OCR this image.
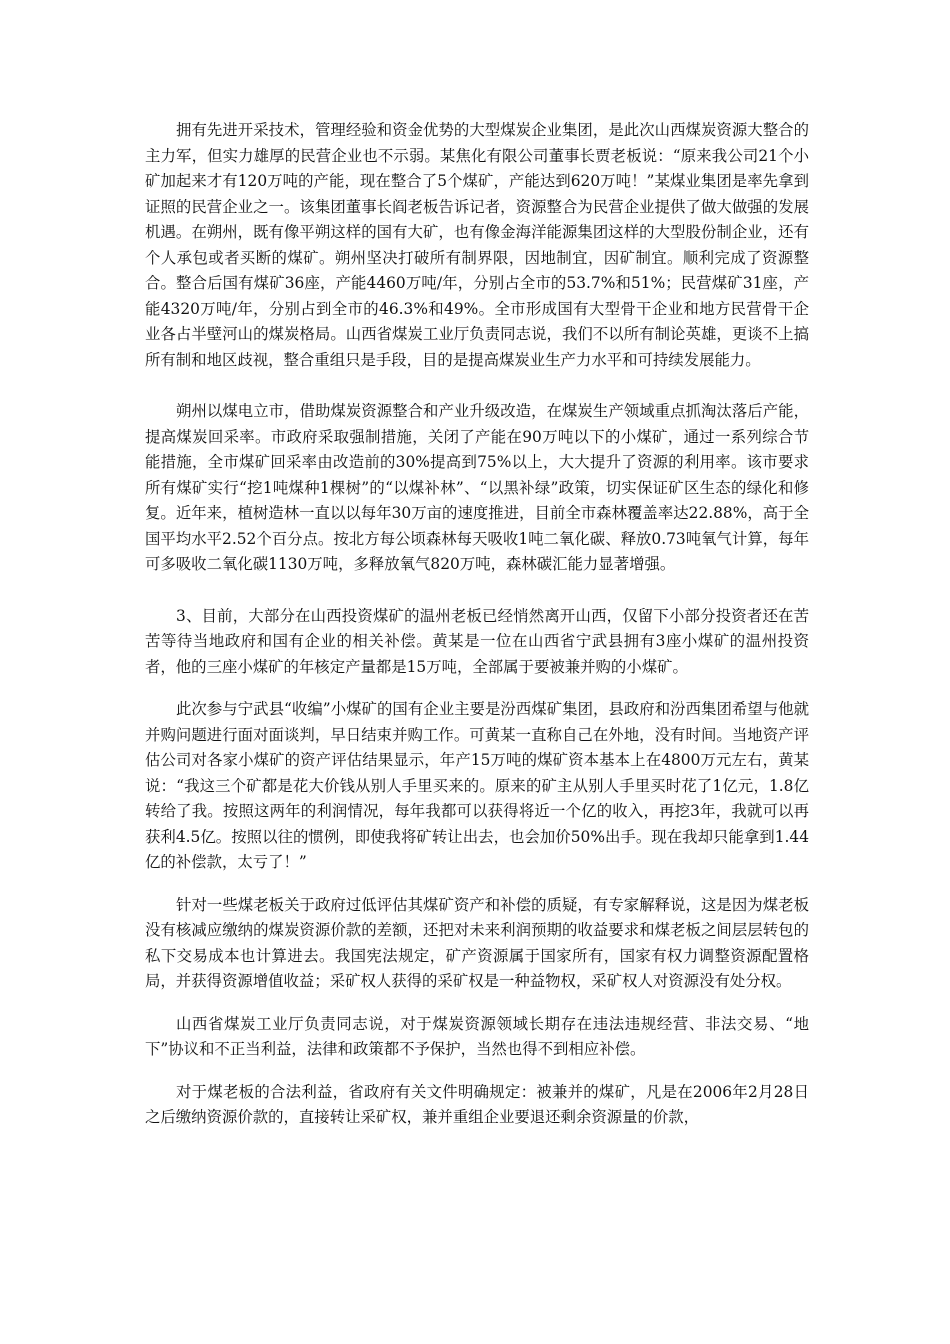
拥有先进开采技术，管理经验和资金优势的大型煤炭企业集团，是此次山西煤炭资源大整合的主力军，但实力雄厚的民营企业也不示弱。某焦化有限公司董事长贾老板说：“原来我公司21个小矿加起来才有120万吨的产能，现在整合了5个煤矿，产能达到620万吨！”某煤业集团是率先拿到证照的民营企业之一。该集团董事长阎老板告诉记者，资源整合为民营企业提供了做大做强的发展机遇。在朔州，既有像平朔这样的国有大矿，也有像金海洋能源集团这样的大型股份制企业，还有个人承包或者买断的煤矿。朔州坚决打破所有制界限，因地制宜，因矿制宜。顺利完成了资源整合。整合后国有煤矿36座，产能4460万吨/年，分别占全市的53.7%和51%；民营煤矿31座，产能4320万吨/年，分别占到全市的46.3%和49%。全市形成国有大型骨干企业和地方民营骨干企业各占半壁河山的煤炭格局。山西省煤炭工业厅负责同志说，我们不以所有制论英雄，更谈不上搞所有制和地区歧视，整合重组只是手段，目的是提高煤炭业生产力水平和可持续发展能力。

朔州以煤电立市，借助煤炭资源整合和产业升级改造，在煤炭生产领域重点抓淘汰落后产能，提高煤炭回采率。市政府采取强制措施，关闭了产能在90万吨以下的小煤矿，通过一系列综合节能措施，全市煤矿回采率由改造前的30%提高到75%以上，大大提升了资源的利用率。该市要求所有煤矿实行“挖1吨煤种1棵树”的“以煤补林”、“以黑补绿”政策，切实保证矿区生态的绿化和修复。近年来，植树造林一直以以每年30万亩的速度推进，目前全市森林覆盖率达22.88%，高于全国平均水平2.52个百分点。按北方每公顷森林每天吸收1吨二氧化碳、释放0.73吨氧气计算，每年可多吸收二氧化碳1130万吨，多释放氧气820万吨，森林碳汇能力显著增强。

3、目前，大部分在山西投资煤矿的温州老板已经悄然离开山西，仅留下小部分投资者还在苦苦等待当地政府和国有企业的相关补偿。黄某是一位在山西省宁武县拥有3座小煤矿的温州投资者，他的三座小煤矿的年核定产量都是15万吨，全部属于要被兼并购的小煤矿。

此次参与宁武县“收编”小煤矿的国有企业主要是汾西煤矿集团，县政府和汾西集团希望与他就并购问题进行面对面谈判，早日结束并购工作。可黄某一直称自己在外地，没有时间。当地资产评估公司对各家小煤矿的资产评估结果显示，年产15万吨的煤矿资本基本上在4800万元左右，黄某说：“我这三个矿都是花大价钱从别人手里买来的。原来的矿主从别人手里买时花了1亿元，1.8亿转给了我。按照这两年的利润情况，每年我都可以获得将近一个亿的收入，再挖3年，我就可以再获利4.5亿。按照以往的惯例，即使我将矿转让出去，也会加价50%出手。现在我却只能拿到1.44亿的补偿款，太亏了！”

针对一些煤老板关于政府过低评估其煤矿资产和补偿的质疑，有专家解释说，这是因为煤老板没有核减应缴纳的煤炭资源价款的差额，还把对未来利润预期的收益要求和煤老板之间层层转包的私下交易成本也计算进去。我国宪法规定，矿产资源属于国家所有，国家有权力调整资源配置格局，并获得资源增值收益；采矿权人获得的采矿权是一种益物权，采矿权人对资源没有处分权。

山西省煤炭工业厅负责同志说，对于煤炭资源领域长期存在违法违规经营、非法交易、“地下”协议和不正当利益，法律和政策都不予保护，当然也得不到相应补偿。

对于煤老板的合法利益，省政府有关文件明确规定：被兼并的煤矿，凡是在2006年2月28日之后缴纳资源价款的，直接转让采矿权，兼并重组企业要退还剩余资源量的价款，
